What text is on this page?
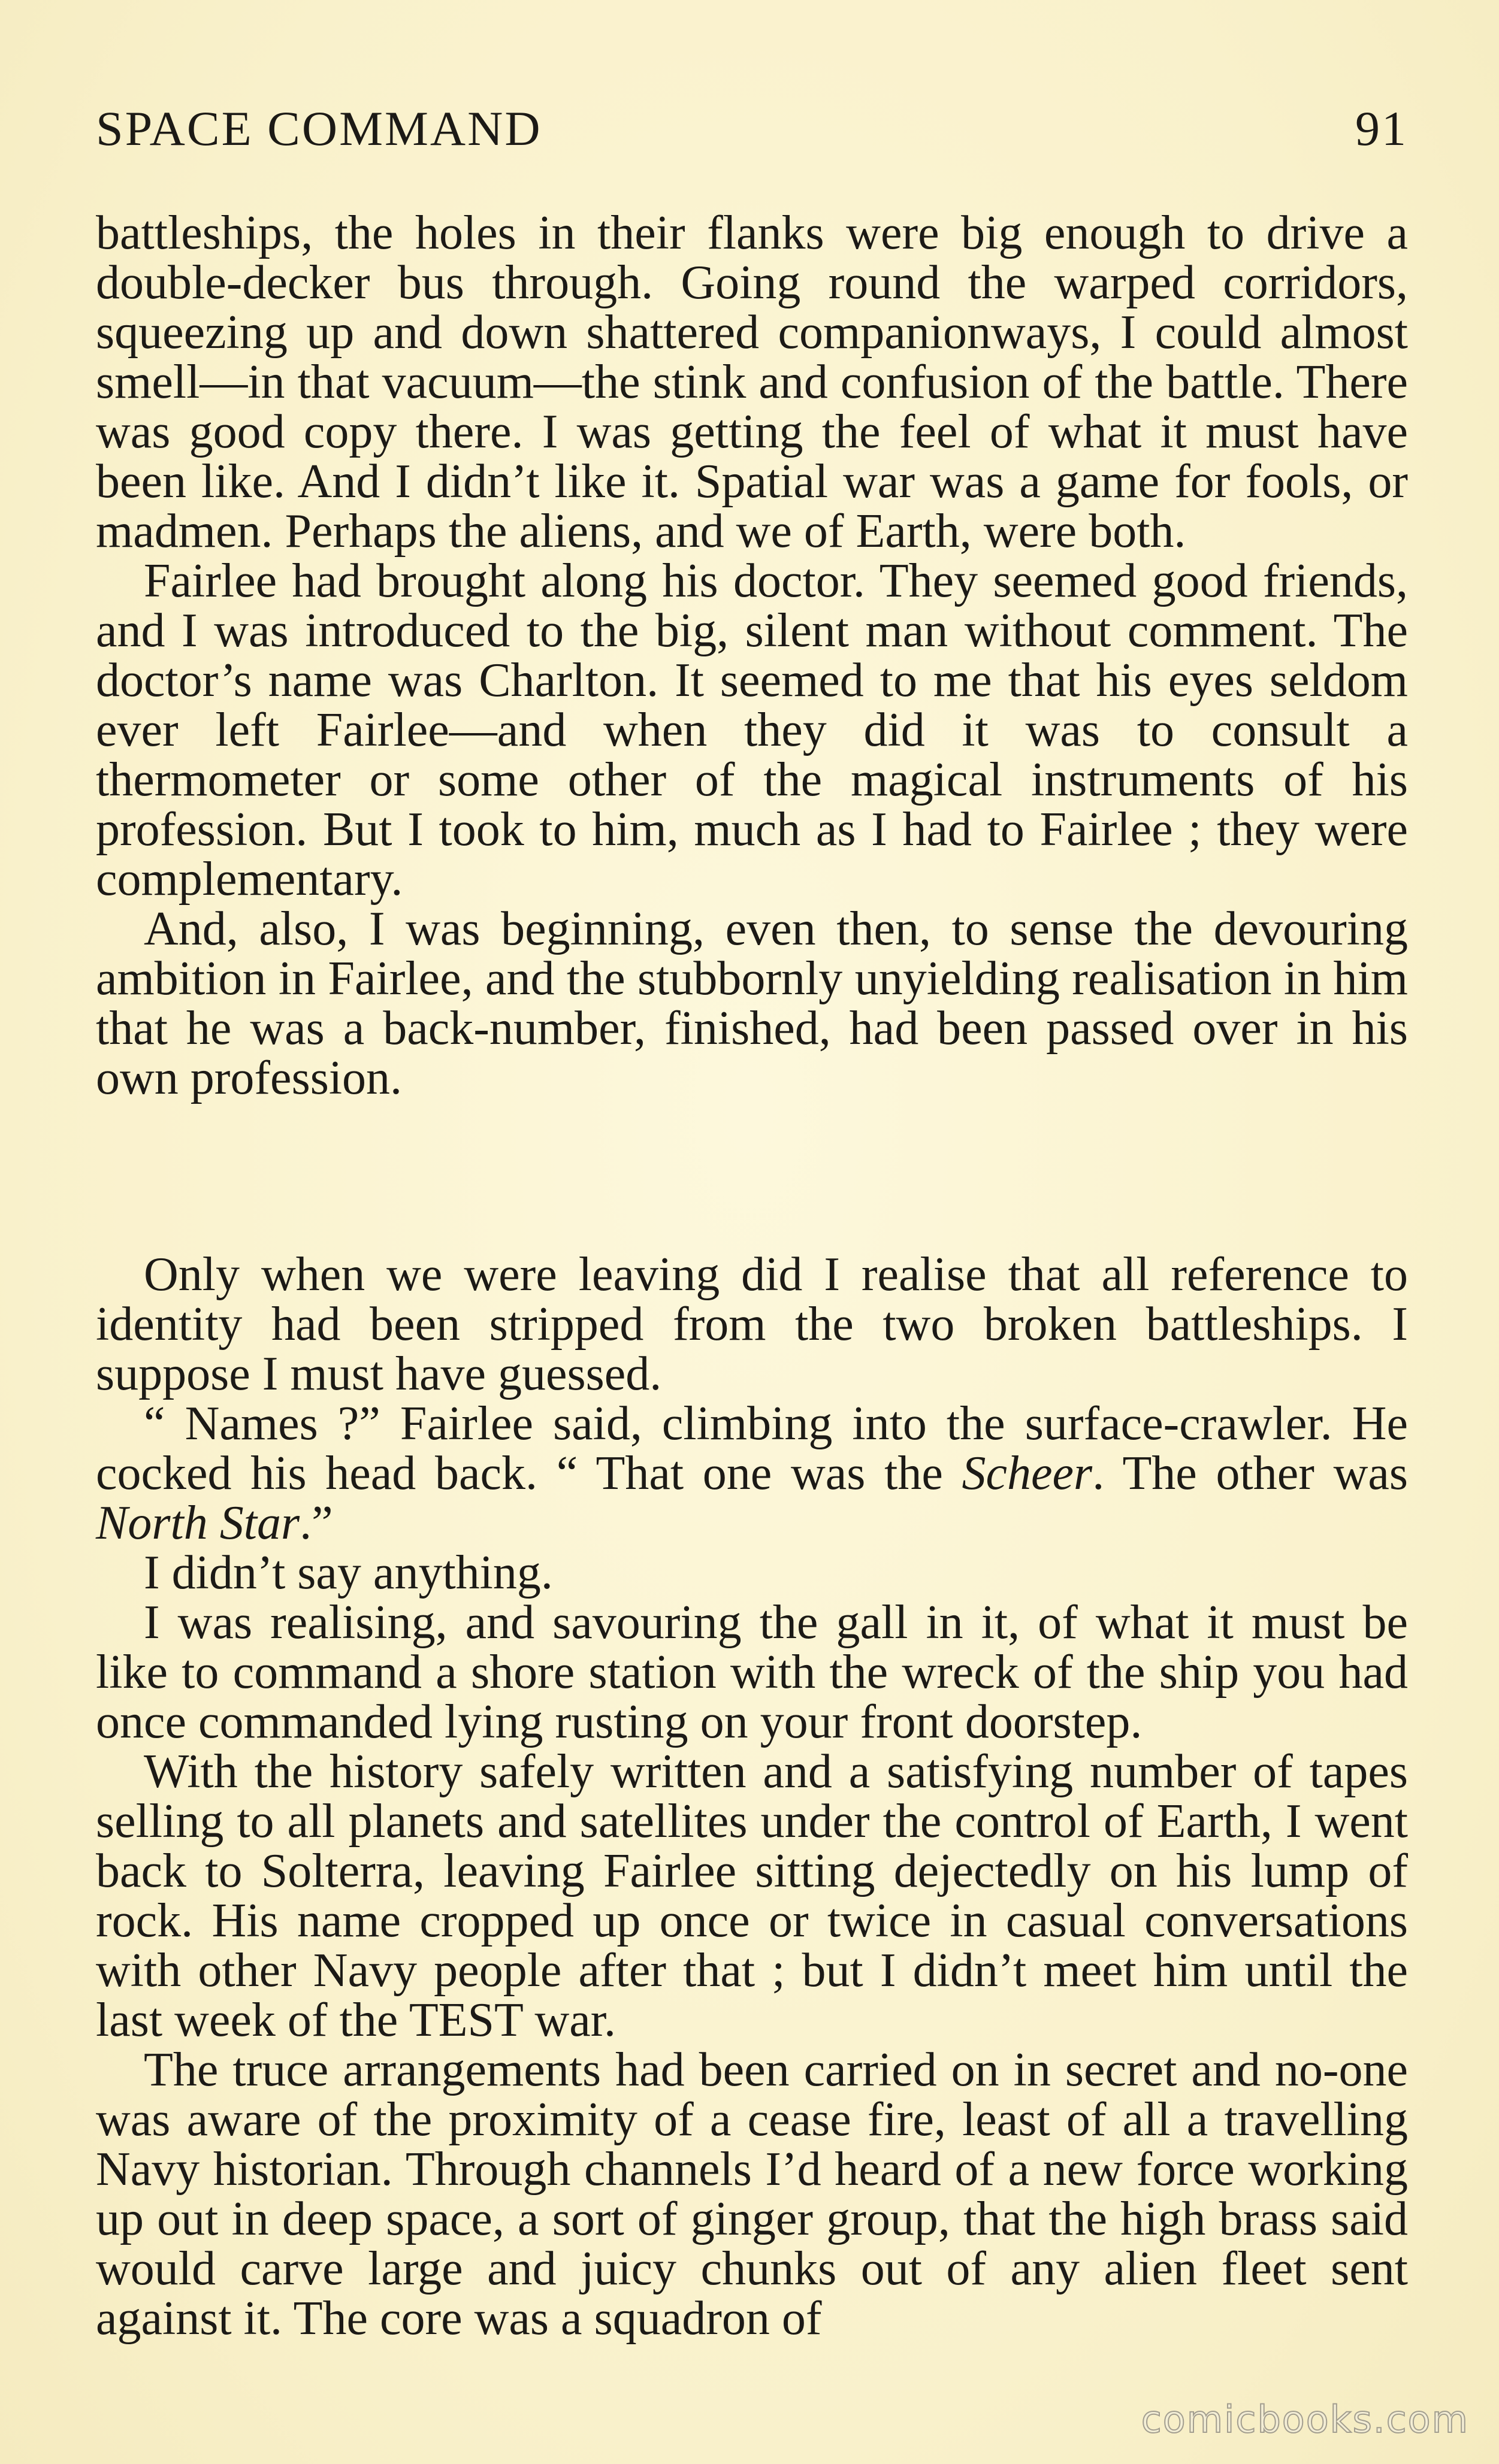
SPACE COMMAND	91

battleships, the holes in their flanks were big enough to drive a double-decker bus through. Going round the warped corridors, squeezing up and down shattered companionways, I could almost smell—in that vacuum—the stink and confusion of the battle. There was good copy there. I was getting the feel of what it must have been like. And I didn’t like it. Spatial war was a game for fools, or madmen. Perhaps the aliens, and we of Earth, were both.

Fairlee had brought along his doctor. They seemed good friends, and I was introduced to the big, silent man without comment. The doctor’s name was Charlton. It seemed to me that his eyes seldom ever left Fairlee—and when they did it was to consult a thermometer or some other of the magical instruments of his profession. But I took to him, much as I had to Fairlee ; they were complementary.

And, also, I was beginning, even then, to sense the devouring ambition in Fairlee, and the stubbornly unyielding realisation in him that he was a back-number, finished, had been passed over in his own profession.

Only when we were leaving did I realise that all reference to identity had been stripped from the two broken battleships. I suppose I must have guessed.

“ Names ?” Fairlee said, climbing into the surface-crawler. He cocked his head back. “ That one was the Scheer. The other was North Star.”

I didn’t say anything.

I was realising, and savouring the gall in it, of what it must be like to command a shore station with the wreck of the ship you had once commanded lying rusting on your front doorstep.

With the history safely written and a satisfying number of tapes selling to all planets and satellites under the control of Earth, I went back to Solterra, leaving Fairlee sitting dejectedly on his lump of rock. His name cropped up once or twice in casual conversations with other Navy people after that ; but I didn’t meet him until the last week of the TEST war.

The truce arrangements had been carried on in secret and no-one was aware of the proximity of a cease fire, least of all a travelling Navy historian. Through channels I’d heard of a new force working up out in deep space, a sort of ginger group, that the high brass said would carve large and juicy chunks out of any alien fleet sent against it. The core was a squadron of

comicbooks.com
